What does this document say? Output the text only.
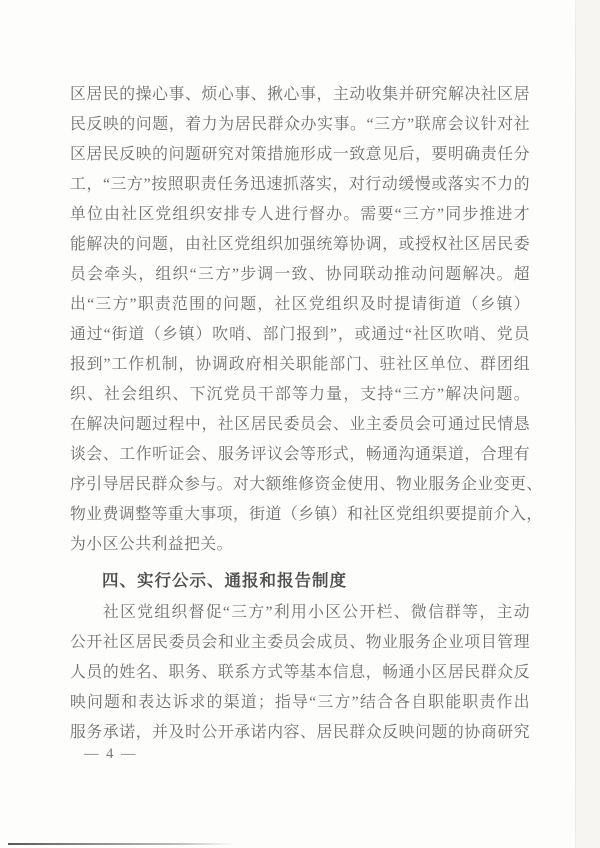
区居民的操心事、烦心事、揪心事，主动收集并研究解决社区居
民反映的问题，着力为居民群众办实事。“三方”联席会议针对社
区居民反映的问题研究对策措施形成一致意见后，要明确责任分
工，“三方”按照职责任务迅速抓落实，对行动缓慢或落实不力的
单位由社区党组织安排专人进行督办。需要“三方”同步推进才
能解决的问题，由社区党组织加强统筹协调，或授权社区居民委
员会牵头，组织“三方”步调一致、协同联动推动问题解决。超
出“三方”职责范围的问题，社区党组织及时提请街道（乡镇）
通过“街道（乡镇）吹哨、部门报到”，或通过“社区吹哨、党员
报到”工作机制，协调政府相关职能部门、驻社区单位、群团组
织、社会组织、下沉党员干部等力量，支持“三方”解决问题。
在解决问题过程中，社区居民委员会、业主委员会可通过民情恳
谈会、工作听证会、服务评议会等形式，畅通沟通渠道，合理有
序引导居民群众参与。对大额维修资金使用、物业服务企业变更、
物业费调整等重大事项，街道（乡镇）和社区党组织要提前介入，
为小区公共利益把关。
四、实行公示、通报和报告制度
社区党组织督促“三方”利用小区公开栏、微信群等，主动
公开社区居民委员会和业主委员会成员、物业服务企业项目管理
人员的姓名、职务、联系方式等基本信息，畅通小区居民群众反
映问题和表达诉求的渠道；指导“三方”结合各自职能职责作出
服务承诺，并及时公开承诺内容、居民群众反映问题的协商研究
— 4 —
